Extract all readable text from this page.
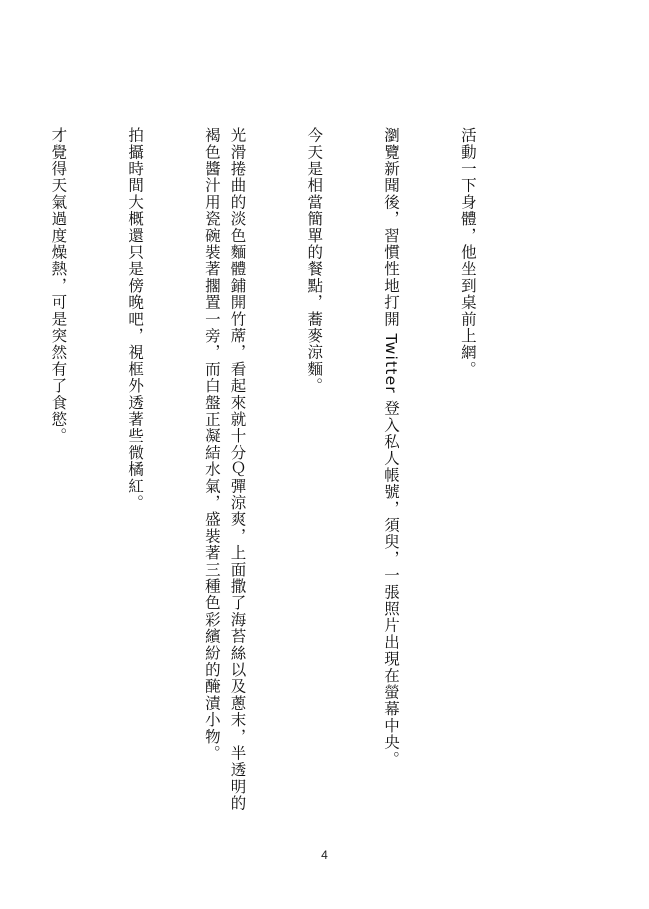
活動一下身體，他坐到桌前上網。

瀏覽新聞後，習慣性地打開 Twitter 登入私人帳號，須臾，一張照片出現在螢幕中央。

今天是相當簡單的餐點，蕎麥涼麵。

光滑捲曲的淡色麵體鋪開竹蓆，看起來就十分Ｑ彈涼爽，上面撒了海苔絲以及蔥末，半透明的褐色醬汁用瓷碗裝著擱置一旁，而白盤正凝結水氣，盛裝著三種色彩繽紛的醃漬小物。

拍攝時間大概還只是傍晚吧，視框外透著些微橘紅。

才覺得天氣過度燥熱，可是突然有了食慾。

4
